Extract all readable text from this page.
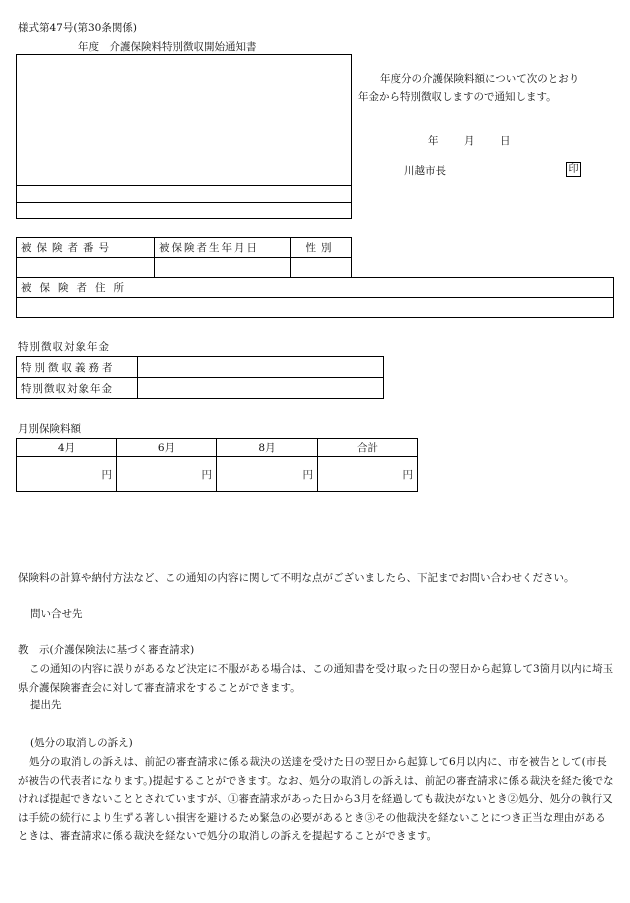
様式第47号(第30条関係)
年度　介護保険料特別徴収開始通知書
年度分の介護保険料額について次のとおり
年金から特別徴収しますので通知します。
年 月 日
川越市長	印
被保険者番号	被保険者生年月日	性別

被保険者住所

特別徴収対象年金
特別徴収義務者	
特別徴収対象年金	
月別保険料額
4月	6月	8月	合計
円	円	円	円
保険料の計算や納付方法など、この通知の内容に関して不明な点がございましたら、下記までお問い合わせください。
問い合せ先
教　示(介護保険法に基づく審査請求)
この通知の内容に誤りがあるなど決定に不服がある場合は、この通知書を受け取った日の翌日から起算して3箇月以内に埼玉県介護保険審査会に対して審査請求をすることができます。
提出先
(処分の取消しの訴え)
処分の取消しの訴えは、前記の審査請求に係る裁決の送達を受けた日の翌日から起算して6月以内に、市を被告として(市長が被告の代表者になります。)提起することができます。なお、処分の取消しの訴えは、前記の審査請求に係る裁決を経た後でなければ提起できないこととされていますが、①審査請求があった日から3月を経過しても裁決がないとき②処分、処分の執行又は手続の続行により生ずる著しい損害を避けるため緊急の必要があるとき③その他裁決を経ないことにつき正当な理由があるときは、審査請求に係る裁決を経ないで処分の取消しの訴えを提起することができます。
